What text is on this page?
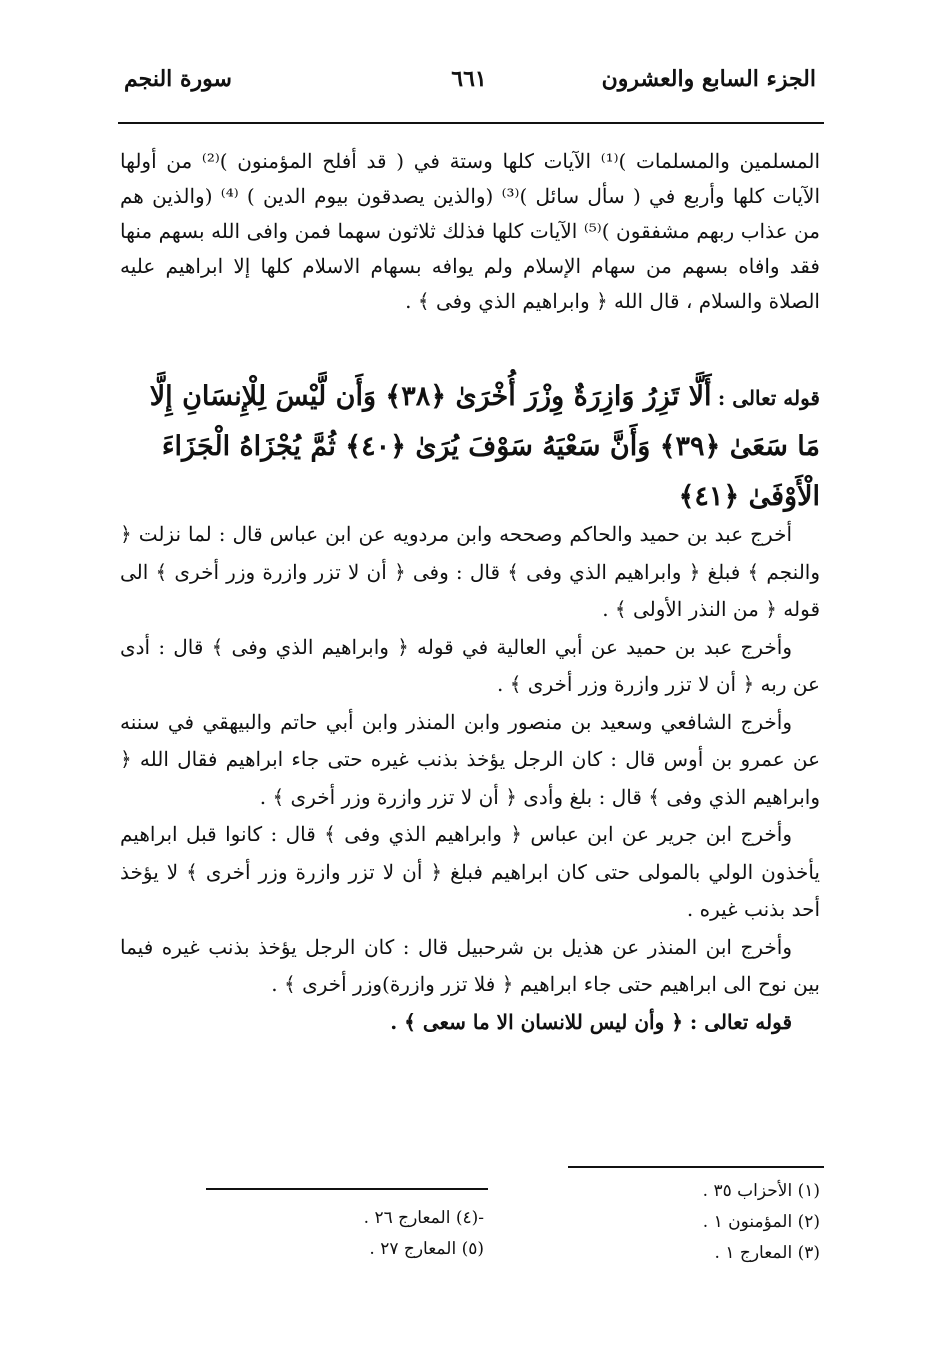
الجزء السابع والعشرون
٦٦١
سورة النجم
المسلمين والمسلمات )⁽¹⁾ الآيات كلها وستة في ( قد أفلح المؤمنون )⁽²⁾ من أولها الآيات كلها وأربع في ( سأل سائل )⁽³⁾ (والذين يصدقون بيوم الدين ) ⁽⁴⁾ (والذين هم من عذاب ربهم مشفقون )⁽⁵⁾ الآيات كلها فذلك ثلاثون سهما فمن وافى الله بسهم منها فقد وافاه بسهم من سهام الإسلام ولم يوافه بسهام الاسلام كلها إلا ابراهيم عليه الصلاة والسلام ، قال الله ﴿ وابراهيم الذي وفى ﴾ .
قوله تعالى : أَلَّا تَزِرُ وَازِرَةٌ وِزْرَ أُخْرَىٰ ﴿٣٨﴾ وَأَن لَّيْسَ لِلْإِنسَانِ إِلَّا مَا سَعَىٰ ﴿٣٩﴾ وَأَنَّ سَعْيَهُ سَوْفَ يُرَىٰ ﴿٤٠﴾ ثُمَّ يُجْزَاهُ الْجَزَاءَ الْأَوْفَىٰ ﴿٤١﴾

أخرج عبد بن حميد والحاكم وصححه وابن مردويه عن ابن عباس قال : لما نزلت ﴿ والنجم ﴾ فبلغ ﴿ وابراهيم الذي وفى ﴾ قال : وفى ﴿ أن لا تزر وازرة وزر أخرى ﴾ الى قوله ﴿ من النذر الأولى ﴾ .

وأخرج عبد بن حميد عن أبي العالية في قوله ﴿ وابراهيم الذي وفى ﴾ قال : أدى عن ربه ﴿ أن لا تزر وازرة وزر أخرى ﴾ .

وأخرج الشافعي وسعيد بن منصور وابن المنذر وابن أبي حاتم والبيهقي في سننه عن عمرو بن أوس قال : كان الرجل يؤخذ بذنب غيره حتى جاء ابراهيم فقال الله ﴿ وابراهيم الذي وفى ﴾ قال : بلغ وأدى ﴿ أن لا تزر وازرة وزر أخرى ﴾ .

وأخرج ابن جرير عن ابن عباس ﴿ وابراهيم الذي وفى ﴾ قال : كانوا قبل ابراهيم يأخذون الولي بالمولى حتى كان ابراهيم فبلغ ﴿ أن لا تزر وازرة وزر أخرى ﴾ لا يؤخذ أحد بذنب غيره .

وأخرج ابن المنذر عن هذيل بن شرحبيل قال : كان الرجل يؤخذ بذنب غيره فيما بين نوح الى ابراهيم حتى جاء ابراهيم ﴿ فلا تزر وازرة)وزر أخرى ﴾ .

قوله تعالى : ﴿ وأن ليس للانسان الا ما سعى ﴾ .

(١) الأحزاب ٣٥ .
(٢) المؤمنون ١ .
(٣) المعارج ١ .
-(٤) المعارج ٢٦ .
(٥) المعارج ٢٧ .
